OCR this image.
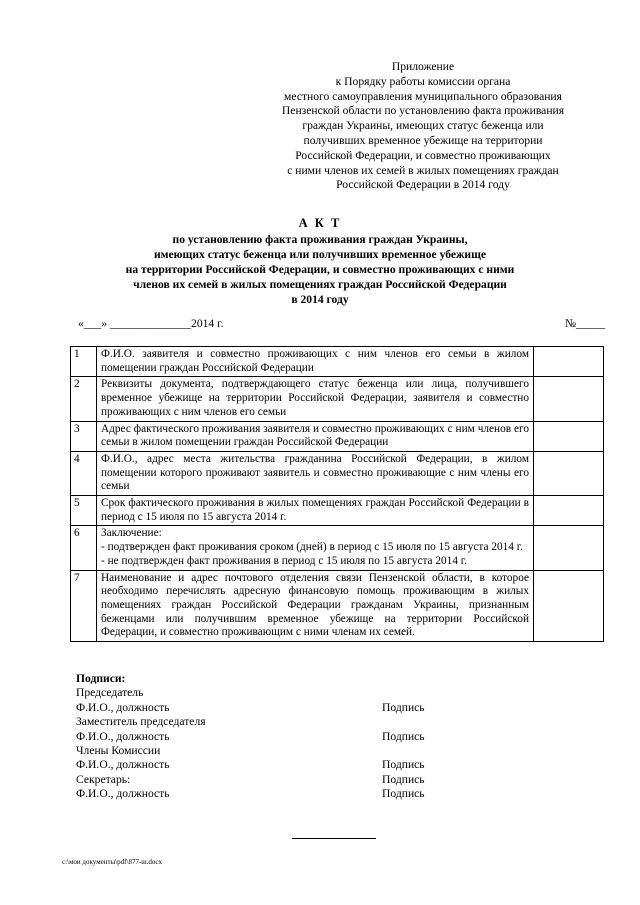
Приложение
к Порядку работы комиссии органа
местного самоуправления муниципального образования
Пензенской области по установлению факта проживания
граждан Украины, имеющих статус беженца или
получивших временное убежище на территории
Российской Федерации, и совместно проживающих
с ними членов их семей в жилых помещениях граждан
Российской Федерации в 2014 году
А К Т
по установлению факта проживания граждан Украины,
имеющих статус беженца или получивших временное убежище
на территории Российской Федерации, и совместно проживающих с ними
членов их семей в жилых помещениях граждан Российской Федерации
в 2014 году
«___» ______________2014 г.	№_____
1	Ф.И.О. заявителя и совместно проживающих с ним членов его семьи в жилом помещении граждан Российской Федерации	

2	Реквизиты документа, подтверждающего статус беженца или лица, получившего временное убежище на территории Российской Федерации, заявителя и совместно проживающих с ним членов его семьи	

3	Адрес фактического проживания заявителя и совместно проживающих с ним членов его семьи в жилом помещении граждан Российской Федерации	

4	Ф.И.О., адрес места жительства гражданина Российской Федерации, в жилом помещении которого проживают заявитель и совместно проживающие с ним члены его семьи	

5	Срок фактического проживания в жилых помещениях граждан Российской Федерации в период с 15 июля по 15 августа 2014 г.	

6	Заключение:
- подтвержден факт проживания сроком (дней) в период с 15 июля по 15 августа 2014 г.
- не подтвержден факт проживания в период с 15 июля по 15 августа 2014 г.	

7	Наименование и адрес почтового отделения связи Пензенской области, в которое необходимо перечислять адресную финансовую помощь проживающим в жилых помещениях граждан Российской Федерации гражданам Украины, признанным беженцами или получившим временное убежище на территории Российской Федерации, и совместно проживающим с ними членам их семей.	

Подписи:
Председатель
Ф.И.О., должность	Подпись
Заместитель председателя
Ф.И.О., должность	Подпись
Члены Комиссии
Ф.И.О., должность	Подпись
Секретарь:	Подпись
Ф.И.О., должность	Подпись
c:\мои документы\pdf\877-ш.docx
